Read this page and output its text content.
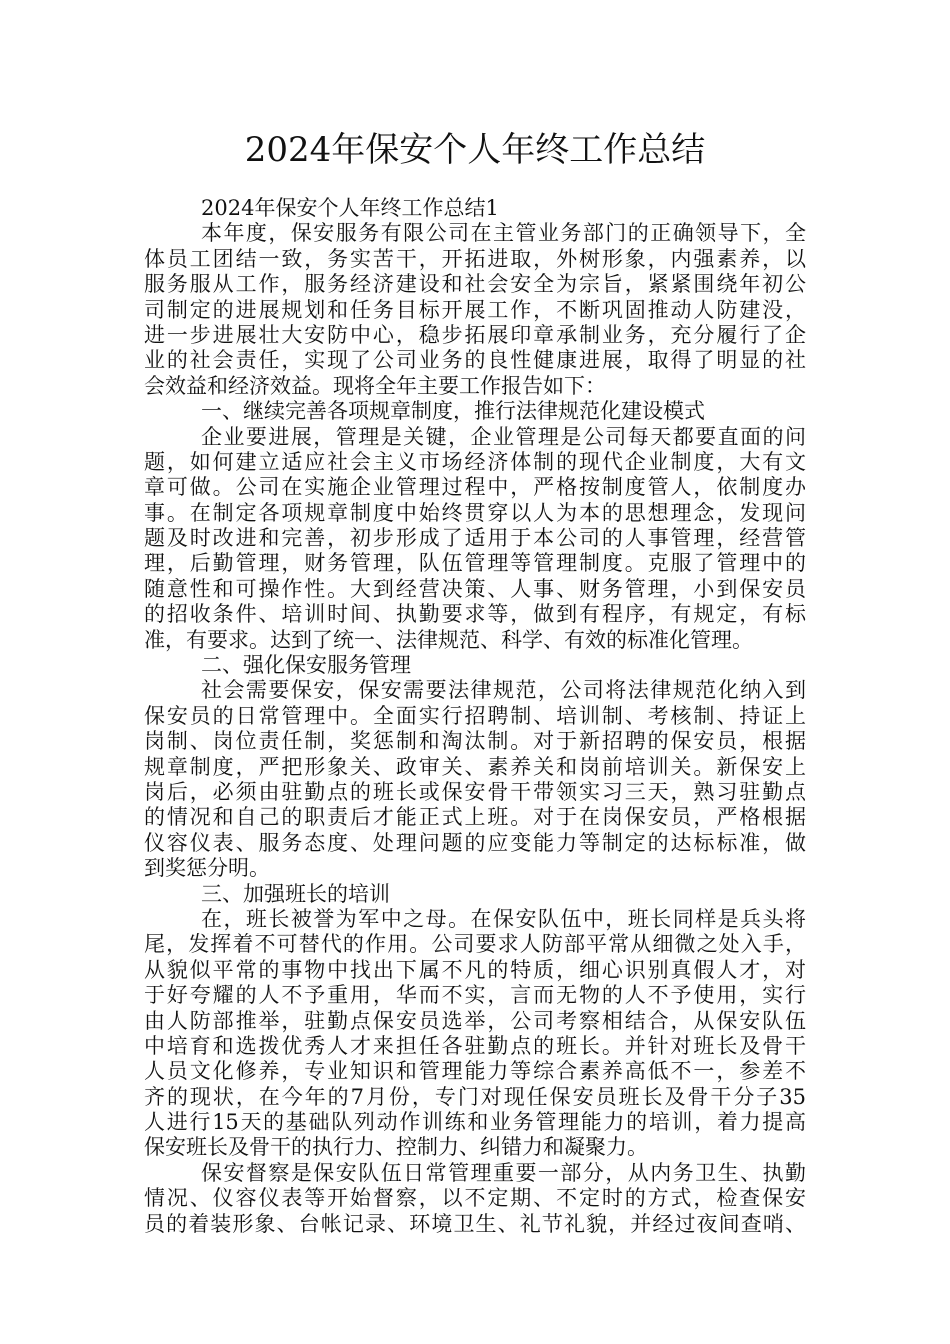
2024年保安个人年终工作总结
2024年保安个人年终工作总结1
本年度，保安服务有限公司在主管业务部门的正确领导下，全
体员工团结一致，务实苦干，开拓进取，外树形象，内强素养，以
服务服从工作，服务经济建设和社会安全为宗旨，紧紧围绕年初公
司制定的进展规划和任务目标开展工作，不断巩固推动人防建没，
进一步进展壮大安防中心，稳步拓展印章承制业务，充分履行了企
业的社会责任，实现了公司业务的良性健康进展，取得了明显的社
会效益和经济效益。现将全年主要工作报告如下：
一、继续完善各项规章制度，推行法律规范化建设模式
企业要进展，管理是关键，企业管理是公司每天都要直面的问
题，如何建立适应社会主义市场经济体制的现代企业制度，大有文
章可做。公司在实施企业管理过程中，严格按制度管人，依制度办
事。在制定各项规章制度中始终贯穿以人为本的思想理念，发现问
题及时改进和完善，初步形成了适用于本公司的人事管理，经营管
理，后勤管理，财务管理，队伍管理等管理制度。克服了管理中的
随意性和可操作性。大到经营决策、人事、财务管理，小到保安员
的招收条件、培训时间、执勤要求等，做到有程序，有规定，有标
准，有要求。达到了统一、法律规范、科学、有效的标准化管理。
二、强化保安服务管理
社会需要保安，保安需要法律规范，公司将法律规范化纳入到
保安员的日常管理中。全面实行招聘制、培训制、考核制、持证上
岗制、岗位责任制，奖惩制和淘汰制。对于新招聘的保安员，根据
规章制度，严把形象关、政审关、素养关和岗前培训关。新保安上
岗后，必须由驻勤点的班长或保安骨干带领实习三天，熟习驻勤点
的情况和自己的职责后才能正式上班。对于在岗保安员，严格根据
仪容仪表、服务态度、处理问题的应变能力等制定的达标标准，做
到奖惩分明。
三、加强班长的培训
在，班长被誉为军中之母。在保安队伍中，班长同样是兵头将
尾，发挥着不可替代的作用。公司要求人防部平常从细微之处入手，
从貌似平常的事物中找出下属不凡的特质，细心识别真假人才，对
于好夸耀的人不予重用，华而不实，言而无物的人不予使用，实行
由人防部推举，驻勤点保安员选举，公司考察相结合，从保安队伍
中培育和选拨优秀人才来担任各驻勤点的班长。并针对班长及骨干
人员文化修养，专业知识和管理能力等综合素养高低不一，参差不
齐的现状，在今年的7月份，专门对现任保安员班长及骨干分子35
人进行15天的基础队列动作训练和业务管理能力的培训，着力提高
保安班长及骨干的执行力、控制力、纠错力和凝聚力。
保安督察是保安队伍日常管理重要一部分，从内务卫生、执勤
情况、仪容仪表等开始督察，以不定期、不定时的方式，检查保安
员的着装形象、台帐记录、环境卫生、礼节礼貌，并经过夜间查哨、
